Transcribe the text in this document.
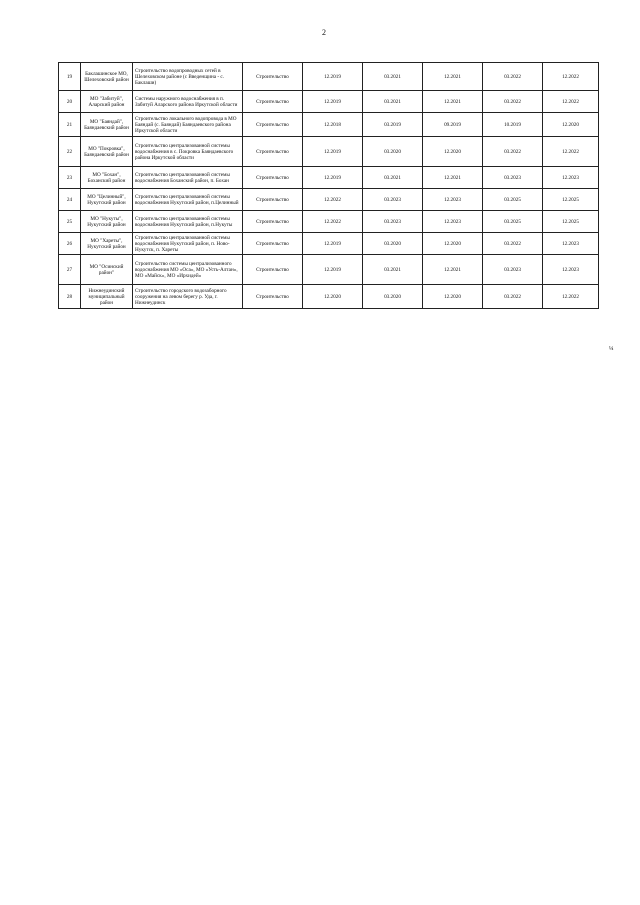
2
19	Баклашинское МО, Шелеховский район	Строительство водопроводных сетей в Шелеховском районе (с Введенщина - с. Баклаши)	Строительство	12.2019	03.2021	12.2021	03.2022	12.2022
20	МО "Забитуй", Аларский район	Системы наружного водоснабжения в п. Забитуй Аларского района Иркутской области	Строительство	12.2019	03.2021	12.2021	03.2022	12.2022
21	МО "Баяндай", Баяндаевский район	Строительство локального водопровода в МО Баяндай (с. Баяндай) Баяндаевского района Иркутской области	Строительство	12.2018	03.2019	09.2019	10.2019	12.2020
22	МО "Покровка", Баяндаевский район	Строительство централизованной системы водоснабжения в с. Покровка Баяндаевского района Иркутской области	Строительство	12.2019	03.2020	12.2020	03.2022	12.2022
23	МО "Бохан", Боханский район	Строительство централизованной системы водоснабжения Боханский район, п. Бохан	Строительство	12.2019	03.2021	12.2021	03.2023	12.2023
24	МО "Целинный", Нукутский район	Строительство централизованной системы водоснабжения Нукутский район, п.Целинный	Строительство	12.2022	03.2023	12.2023	03.2025	12.2025
25	МО "Нукуты", Нукутский район	Строительство централизованной системы водоснабжения Нукутский район, п.Нукуты	Строительство	12.2022	03.2023	12.2023	03.2025	12.2025
26	МО "Хареты", Нукутский район	Строительство централизованной системы водоснабжения Нукутский район, п. Ново-Нукутск, п. Хареты	Строительство	12.2019	03.2020	12.2020	03.2022	12.2023
27	МО "Осинский район"	Строительство системы централизованного водоснабжения МО «Оса», МО «Усть-Алтан», МО «Майск», МО «Ирхидей»	Строительство	12.2019	03.2021	12.2021	03.2023	12.2023
28	Нижнеудинский муниципальный район	Строительство городского водозаборного сооружения на левом берегу р. Уда, г. Нижнеудинск	Строительство	12.2020	03.2020	12.2020	03.2022	12.2022
¼
